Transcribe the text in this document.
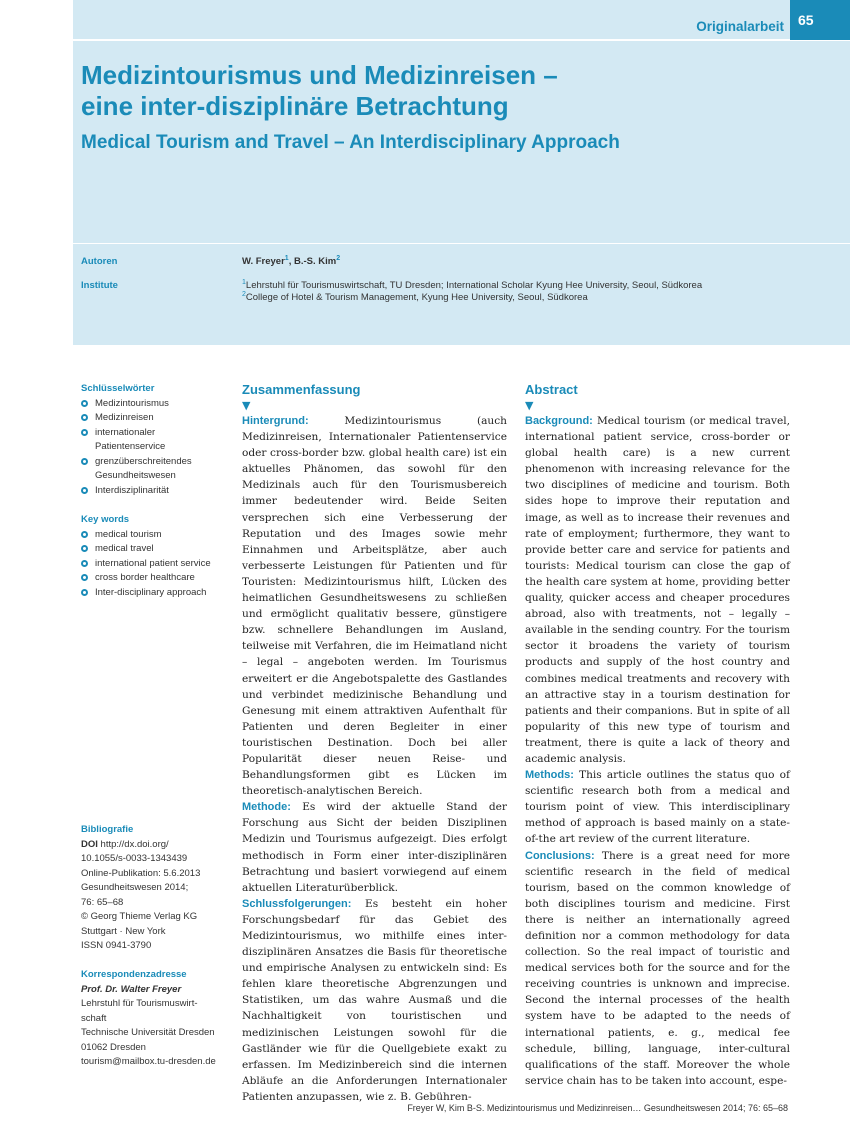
Originalarbeit	65
Medizintourismus und Medizinreisen –
eine inter-disziplinäre Betrachtung
Medical Tourism and Travel – An Interdisciplinary Approach
Autoren	W. Freyer$^1$, B.-S. Kim$^2$
Institute	$^1$Lehrstuhl für Tourismuswirtschaft, TU Dresden; International Scholar Kyung Hee University, Seoul, Südkorea
$^2$College of Hotel & Tourism Management, Kyung Hee University, Seoul, Südkorea
Schlüsselwörter
Medizintourismus
Medizinreisen
internationaler Patientenservice
grenzüberschreitendes Gesundheitswesen
Interdisziplinarität
Key words
medical tourism
medical travel
international patient service
cross border healthcare
Inter-disciplinary approach
Bibliografie
DOI http://dx.doi.org/
10.1055/s-0033-1343439
Online-Publikation: 5.6.2013
Gesundheitswesen 2014;
76: 65–68
© Georg Thieme Verlag KG
Stuttgart · New York
ISSN 0941-3790
Korrespondenzadresse
Prof. Dr. Walter Freyer
Lehrstuhl für Tourismuswirt-
schaft
Technische Universität Dresden
01062 Dresden
tourism@mailbox.tu-dresden.de
Zusammenfassung
▼

Hintergrund:	Medizintourismus (auch Medizinreisen, Internationaler Patientenservice oder cross-border bzw. global health care) ist ein aktuelles Phänomen, das sowohl für den Medizinals auch für den Tourismusbereich immer bedeutender wird. Beide Seiten versprechen sich eine Verbesserung der Reputation und des Images sowie mehr Einnahmen und Arbeitsplätze, aber auch verbesserte Leistungen für Patienten und für Touristen: Medizintourismus hilft, Lücken des heimatlichen Gesundheitswesens zu schließen und ermöglicht qualitativ bessere, günstigere bzw. schnellere Behandlungen im Ausland, teilweise mit Verfahren, die im Heimatland nicht – legal – angeboten werden. Im Tourismus erweitert er die Angebotspalette des Gastlandes und verbindet medizinische Behandlung und Genesung mit einem attraktiven Aufenthalt für Patienten und deren Begleiter in einer touristischen Destination. Doch bei aller Popularität dieser neuen Reise- und Behandlungsformen gibt es Lücken im theoretisch-analytischen Bereich.

Methode: Es wird der aktuelle Stand der Forschung aus Sicht der beiden Disziplinen Medizin und Tourismus aufgezeigt. Dies erfolgt methodisch in Form einer inter-disziplinären Betrachtung und basiert vorwiegend auf einem aktuellen Literaturüberblick.

Schlussfolgerungen: Es besteht ein hoher Forschungsbedarf für das Gebiet des Medizintourismus, wo mithilfe eines inter-disziplinären Ansatzes die Basis für theoretische und empirische Analysen zu entwickeln sind: Es fehlen klare theoretische Abgrenzungen und Statistiken, um das wahre Ausmaß und die Nachhaltigkeit von touristischen und medizinischen Leistungen sowohl für die Gastländer wie für die Quellgebiete exakt zu erfassen. Im Medizinbereich sind die internen Abläufe an die Anforderungen Internationaler Patienten anzupassen, wie z. B. Gebühren-

Abstract
▼

Background: Medical tourism (or medical travel, international patient service, cross-border or global health care) is a new current phenomenon with increasing relevance for the two disciplines of medicine and tourism. Both sides hope to improve their reputation and image, as well as to increase their revenues and rate of employment; furthermore, they want to provide better care and service for patients and tourists: Medical tourism can close the gap of the health care system at home, providing better quality, quicker access and cheaper procedures abroad, also with treatments, not – legally – available in the sending country. For the tourism sector it broadens the variety of tourism products and supply of the host country and combines medical treatments and recovery with an attractive stay in a tourism destination for patients and their companions. But in spite of all popularity of this new type of tourism and treatment, there is quite a lack of theory and academic analysis.

Methods: This article outlines the status quo of scientific research both from a medical and tourism point of view. This interdisciplinary method of approach is based mainly on a state-of-the art review of the current literature.

Conclusions: There is a great need for more scientific research in the field of medical tourism, based on the common knowledge of both disciplines tourism and medicine. First there is neither an internationally agreed definition nor a common methodology for data collection. So the real impact of touristic and medical services both for the source and for the receiving countries is unknown and imprecise. Second the internal processes of the health system have to be adapted to the needs of international patients, e. g., medical fee schedule, billing, language, inter-cultural qualifications of the staff. Moreover the whole service chain has to be taken into account, espe-

Freyer W, Kim B-S. Medizintourismus und Medizinreisen… Gesundheitswesen 2014; 76: 65–68
